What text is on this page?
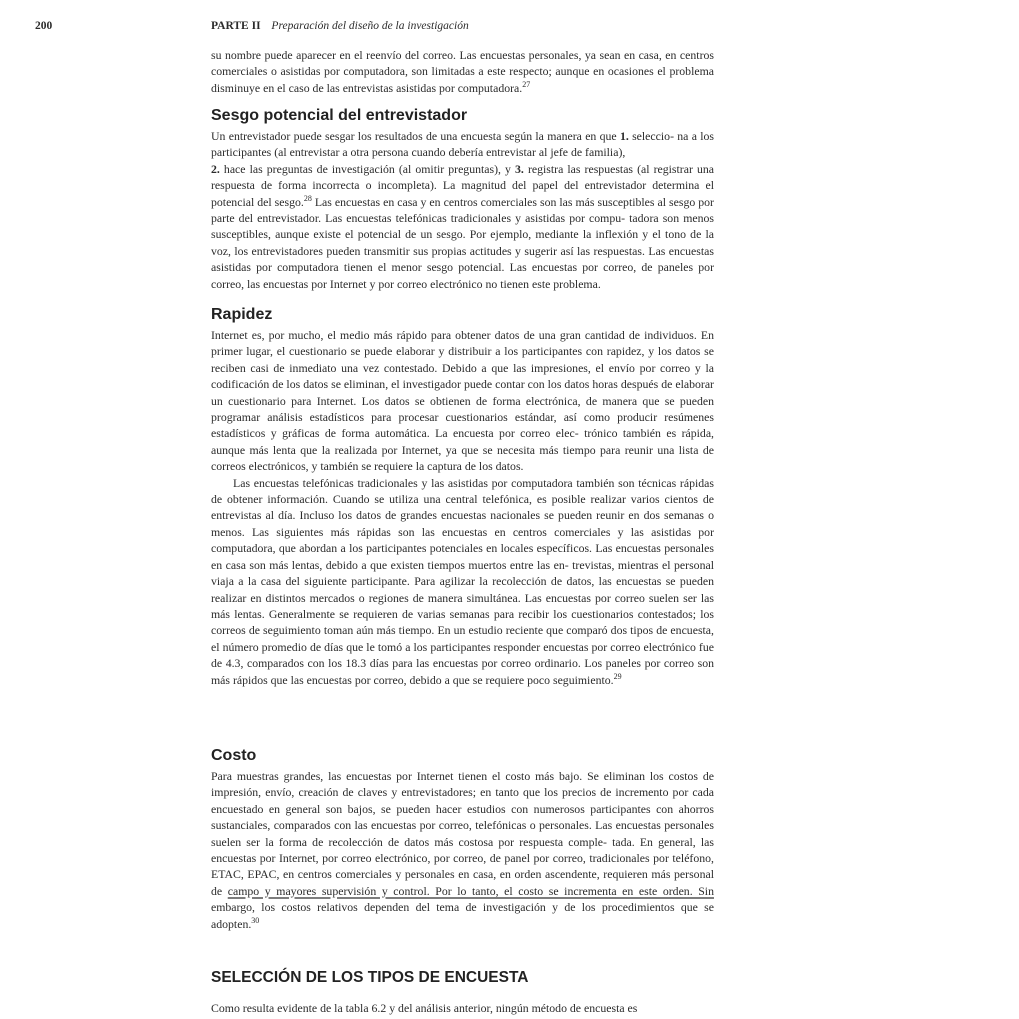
200	PARTE II Preparación del diseño de la investigación

su nombre puede aparecer en el reenvío del correo. Las encuestas personales, ya sean en casa, en centros comerciales o asistidas por computadora, son limitadas a este respecto; aunque en ocasiones el problema disminuye en el caso de las entrevistas asistidas por computadora.$^{27}$

Sesgo potencial del entrevistador

Un entrevistador puede sesgar los resultados de una encuesta según la manera en que 1. seleccio- na a los participantes (al entrevistar a otra persona cuando debería entrevistar al jefe de familia),

2. hace las preguntas de investigación (al omitir preguntas), y 3. registra las respuestas (al registrar una respuesta de forma incorrecta o incompleta). La magnitud del papel del entrevistador determina el potencial del sesgo.$^{28}$ Las encuestas en casa y en centros comerciales son las más susceptibles al sesgo por parte del entrevistador. Las encuestas telefónicas tradicionales y asistidas por compu- tadora son menos susceptibles, aunque existe el potencial de un sesgo. Por ejemplo, mediante la inflexión y el tono de la voz, los entrevistadores pueden transmitir sus propias actitudes y sugerir así las respuestas. Las encuestas asistidas por computadora tienen el menor sesgo potencial. Las encuestas por correo, de paneles por correo, las encuestas por Internet y por correo electrónico no tienen este problema.

Rapidez

Internet es, por mucho, el medio más rápido para obtener datos de una gran cantidad de individuos. En primer lugar, el cuestionario se puede elaborar y distribuir a los participantes con rapidez, y los datos se reciben casi de inmediato una vez contestado. Debido a que las impresiones, el envío por correo y la codificación de los datos se eliminan, el investigador puede contar con los datos horas después de elaborar un cuestionario para Internet. Los datos se obtienen de forma electrónica, de manera que se pueden programar análisis estadísticos para procesar cuestionarios estándar, así como producir resúmenes estadísticos y gráficas de forma automática. La encuesta por correo elec- trónico también es rápida, aunque más lenta que la realizada por Internet, ya que se necesita más tiempo para reunir una lista de correos electrónicos, y también se requiere la captura de los datos.

Las encuestas telefónicas tradicionales y las asistidas por computadora también son técnicas rápidas de obtener información. Cuando se utiliza una central telefónica, es posible realizar varios cientos de entrevistas al día. Incluso los datos de grandes encuestas nacionales se pueden reunir en dos semanas o menos. Las siguientes más rápidas son las encuestas en centros comerciales y las asistidas por computadora, que abordan a los participantes potenciales en locales específicos. Las encuestas personales en casa son más lentas, debido a que existen tiempos muertos entre las en- trevistas, mientras el personal viaja a la casa del siguiente participante. Para agilizar la recolección de datos, las encuestas se pueden realizar en distintos mercados o regiones de manera simultánea. Las encuestas por correo suelen ser las más lentas. Generalmente se requieren de varias semanas para recibir los cuestionarios contestados; los correos de seguimiento toman aún más tiempo. En un estudio reciente que comparó dos tipos de encuesta, el número promedio de días que le tomó a los participantes responder encuestas por correo electrónico fue de 4.3, comparados con los 18.3 días para las encuestas por correo ordinario. Los paneles por correo son más rápidos que las encuestas por correo, debido a que se requiere poco seguimiento.$^{29}$

Costo

Para muestras grandes, las encuestas por Internet tienen el costo más bajo. Se eliminan los costos de impresión, envío, creación de claves y entrevistadores; en tanto que los precios de incremento por cada encuestado en general son bajos, se pueden hacer estudios con numerosos participantes con ahorros sustanciales, comparados con las encuestas por correo, telefónicas o personales. Las encuestas personales suelen ser la forma de recolección de datos más costosa por respuesta comple- tada. En general, las encuestas por Internet, por correo electrónico, por correo, de panel por correo, tradicionales por teléfono, ETAC, EPAC, en centros comerciales y personales en casa, en orden ascendente, requieren más personal de campo y mayores supervisión y control. Por lo tanto, el costo se incrementa en este orden. Sin embargo, los costos relativos dependen del tema de investigación y de los procedimientos que se adopten.$^{30}$

SELECCIÓN DE LOS TIPOS DE ENCUESTA

Como resulta evidente de la tabla 6.2 y del análisis anterior, ningún método de encuesta es
